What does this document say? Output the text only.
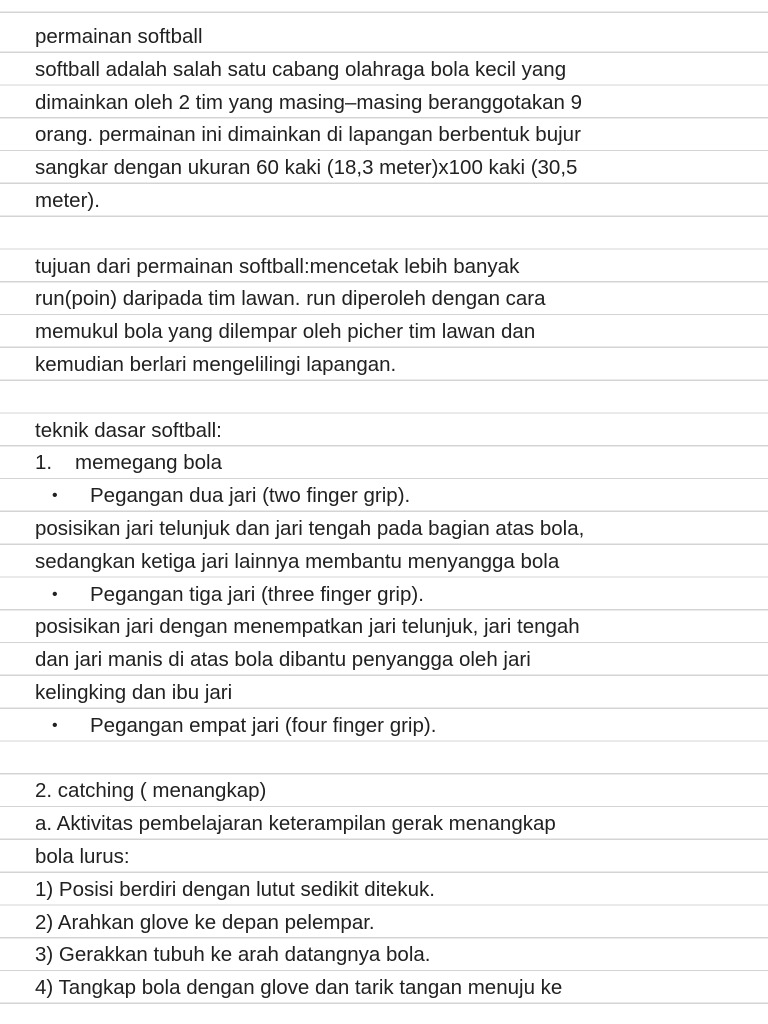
permainan softball
softball adalah salah satu cabang olahraga bola kecil yang
dimainkan oleh 2 tim yang masing–masing beranggotakan 9
orang. permainan ini dimainkan di lapangan berbentuk bujur
sangkar dengan ukuran 60 kaki (18,3 meter)x100 kaki (30,5
meter).
tujuan dari permainan softball:mencetak lebih banyak
run(poin) daripada tim lawan. run diperoleh dengan cara
memukul bola yang dilempar oleh picher tim lawan dan
kemudian berlari mengelilingi lapangan.
teknik dasar softball:
1. memegang bola
• Pegangan dua jari (two finger grip).
posisikan jari telunjuk dan jari tengah pada bagian atas bola,
sedangkan ketiga jari lainnya membantu menyangga bola
• Pegangan tiga jari (three finger grip).
posisikan jari dengan menempatkan jari telunjuk, jari tengah
dan jari manis di atas bola dibantu penyangga oleh jari
kelingking dan ibu jari
• Pegangan empat jari (four finger grip).
2. catching ( menangkap)
a. Aktivitas pembelajaran keterampilan gerak menangkap
bola lurus:
1) Posisi berdiri dengan lutut sedikit ditekuk.
2) Arahkan glove ke depan pelempar.
3) Gerakkan tubuh ke arah datangnya bola.
4) Tangkap bola dengan glove dan tarik tangan menuju ke
